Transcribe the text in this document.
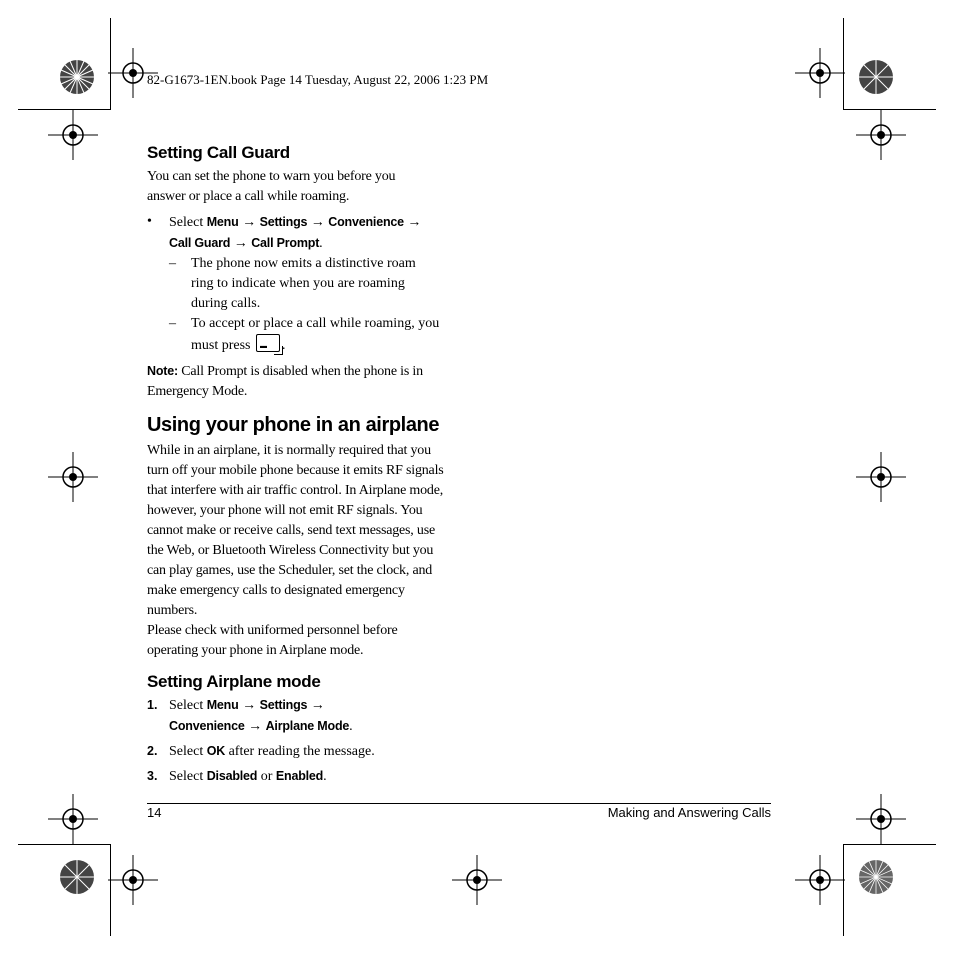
82-G1673-1EN.book Page 14 Tuesday, August 22, 2006 1:23 PM
Setting Call Guard

You can set the phone to warn you before you answer or place a call while roaming.

• Select Menu → Settings → Convenience →
Call Guard → Call Prompt.
– The phone now emits a distinctive roam ring to indicate when you are roaming during calls.
– To accept or place a call while roaming, you must press ▬ .

Note: Call Prompt is disabled when the phone is in Emergency Mode.

Using your phone in an airplane

While in an airplane, it is normally required that you turn off your mobile phone because it emits RF signals that interfere with air traffic control. In Airplane mode, however, your phone will not emit RF signals. You cannot make or receive calls, send text messages, use the Web, or Bluetooth Wireless Connectivity but you can play games, use the Scheduler, set the clock, and make emergency calls to designated emergency numbers.

Please check with uniformed personnel before operating your phone in Airplane mode.

Setting Airplane mode
1. Select Menu → Settings →
Convenience → Airplane Mode.
2. Select OK after reading the message.
3. Select Disabled or Enabled.
14	Making and Answering Calls
